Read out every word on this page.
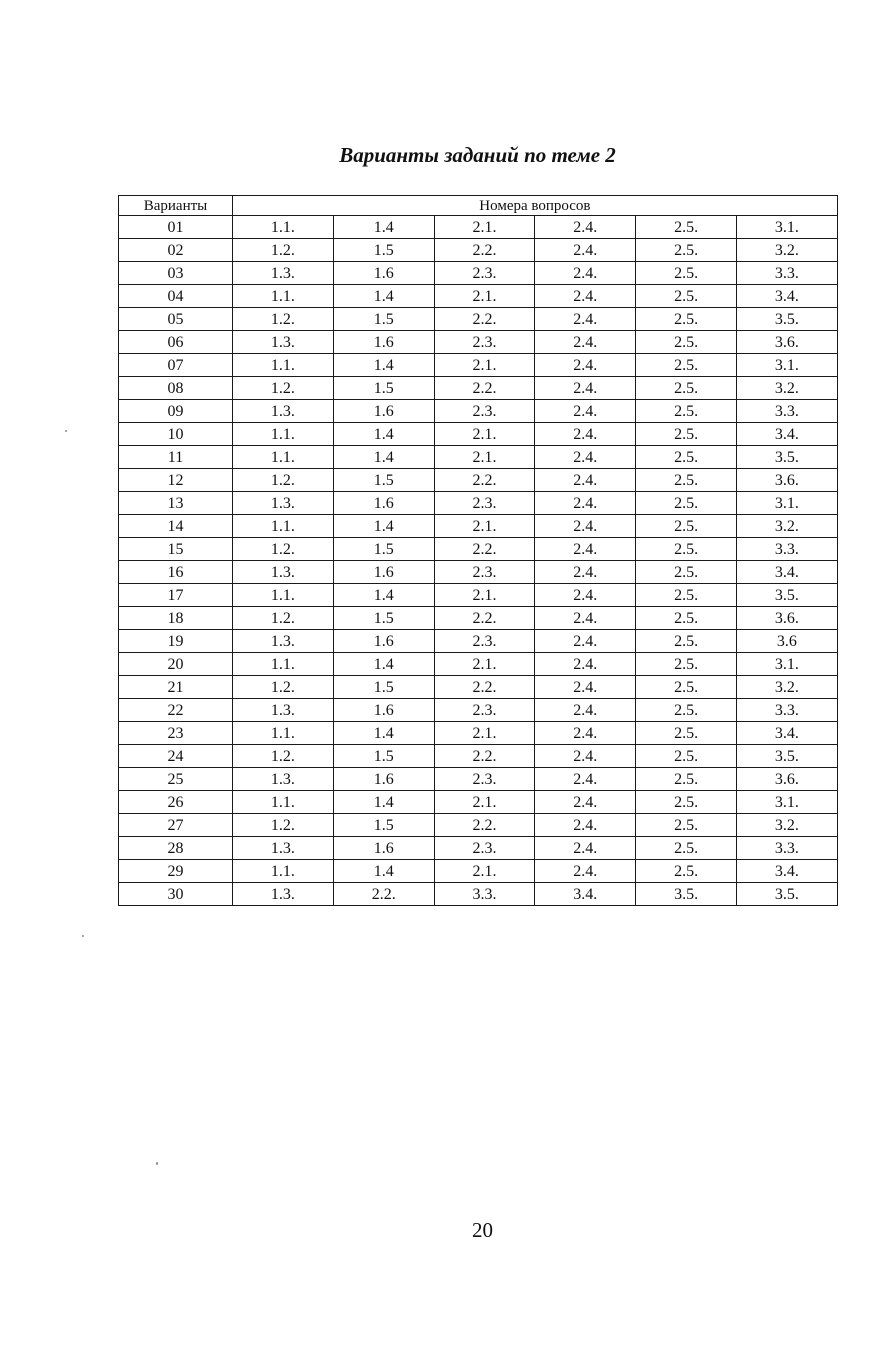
Варианты заданий по теме 2
Варианты	Номера вопросов					
01	1.1.	1.4	2.1.	2.4.	2.5.	3.1.
02	1.2.	1.5	2.2.	2.4.	2.5.	3.2.
03	1.3.	1.6	2.3.	2.4.	2.5.	3.3.
04	1.1.	1.4	2.1.	2.4.	2.5.	3.4.
05	1.2.	1.5	2.2.	2.4.	2.5.	3.5.
06	1.3.	1.6	2.3.	2.4.	2.5.	3.6.
07	1.1.	1.4	2.1.	2.4.	2.5.	3.1.
08	1.2.	1.5	2.2.	2.4.	2.5.	3.2.
09	1.3.	1.6	2.3.	2.4.	2.5.	3.3.
10	1.1.	1.4	2.1.	2.4.	2.5.	3.4.
11	1.1.	1.4	2.1.	2.4.	2.5.	3.5.
12	1.2.	1.5	2.2.	2.4.	2.5.	3.6.
13	1.3.	1.6	2.3.	2.4.	2.5.	3.1.
14	1.1.	1.4	2.1.	2.4.	2.5.	3.2.
15	1.2.	1.5	2.2.	2.4.	2.5.	3.3.
16	1.3.	1.6	2.3.	2.4.	2.5.	3.4.
17	1.1.	1.4	2.1.	2.4.	2.5.	3.5.
18	1.2.	1.5	2.2.	2.4.	2.5.	3.6.
19	1.3.	1.6	2.3.	2.4.	2.5.	3.6
20	1.1.	1.4	2.1.	2.4.	2.5.	3.1.
21	1.2.	1.5	2.2.	2.4.	2.5.	3.2.
22	1.3.	1.6	2.3.	2.4.	2.5.	3.3.
23	1.1.	1.4	2.1.	2.4.	2.5.	3.4.
24	1.2.	1.5	2.2.	2.4.	2.5.	3.5.
25	1.3.	1.6	2.3.	2.4.	2.5.	3.6.
26	1.1.	1.4	2.1.	2.4.	2.5.	3.1.
27	1.2.	1.5	2.2.	2.4.	2.5.	3.2.
28	1.3.	1.6	2.3.	2.4.	2.5.	3.3.
29	1.1.	1.4	2.1.	2.4.	2.5.	3.4.
30	1.3.	2.2.	3.3.	3.4.	3.5.	3.5.
20
